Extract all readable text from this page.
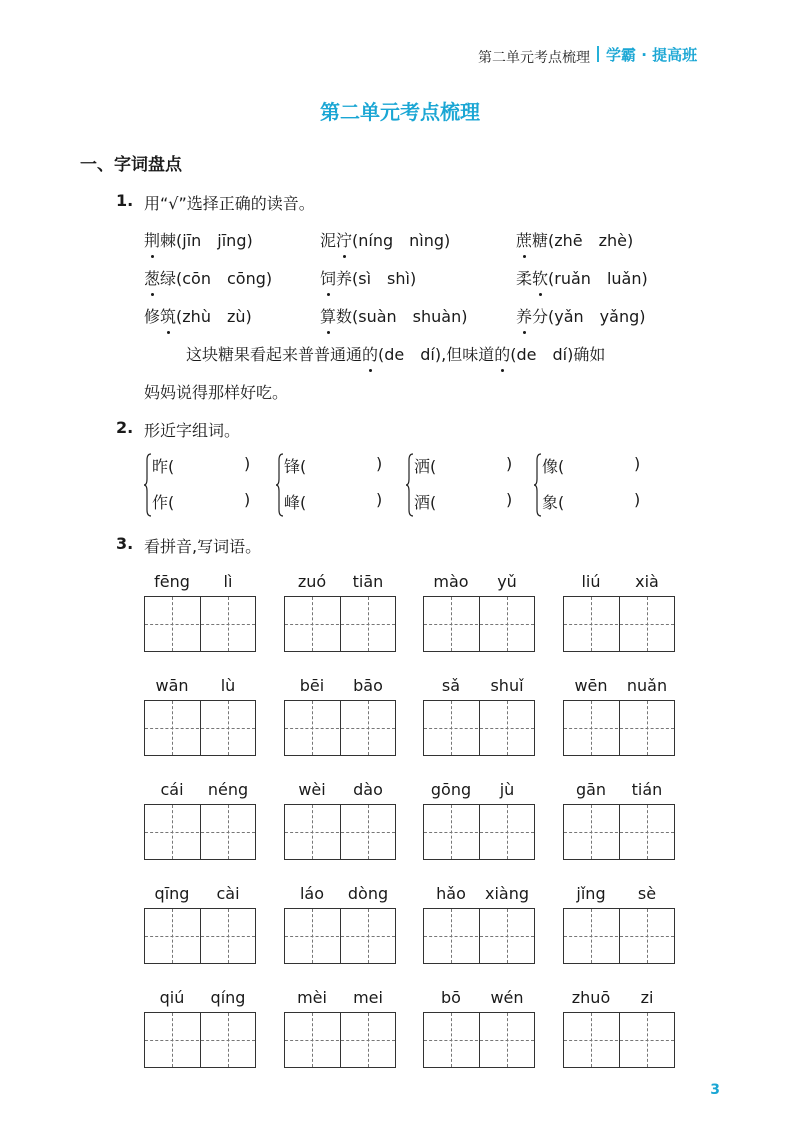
第二单元考点梳理 学霸 · 提高班
第二单元考点梳理
一、字词盘点
1. 用“√”选择正确的读音。
荆棘(jīn　jīng)	泥泞(níng　nìng)	蔗糖(zhē　zhè)
葱绿(cōn　cōng)	饲养(sì　shì)	柔软(ruǎn　luǎn)
修筑(zhù　zù)	算数(suàn　shuàn)	养分(yǎn　yǎng)
这块糖果看起来普普通通的(de　dí),但味道的(de　dí)确如
妈妈说得那样好吃。
2. 形近字组词。
昨(	)
作(	)
锋(	)
峰(	)
洒(	)
酒(	)
像(	)
象(	)
3. 看拼音,写词语。
fēng	lì	zuó	tiān	mào	yǔ	liú	xià
wān	lù	bēi	bāo	sǎ	shuǐ	wēn	nuǎn
cái	néng	wèi	dào	gōng	jù	gān	tián
qīng	cài	láo	dòng	hǎo	xiàng	jǐng	sè
qiú	qíng	mèi	mei	bō	wén	zhuō	zi
3
